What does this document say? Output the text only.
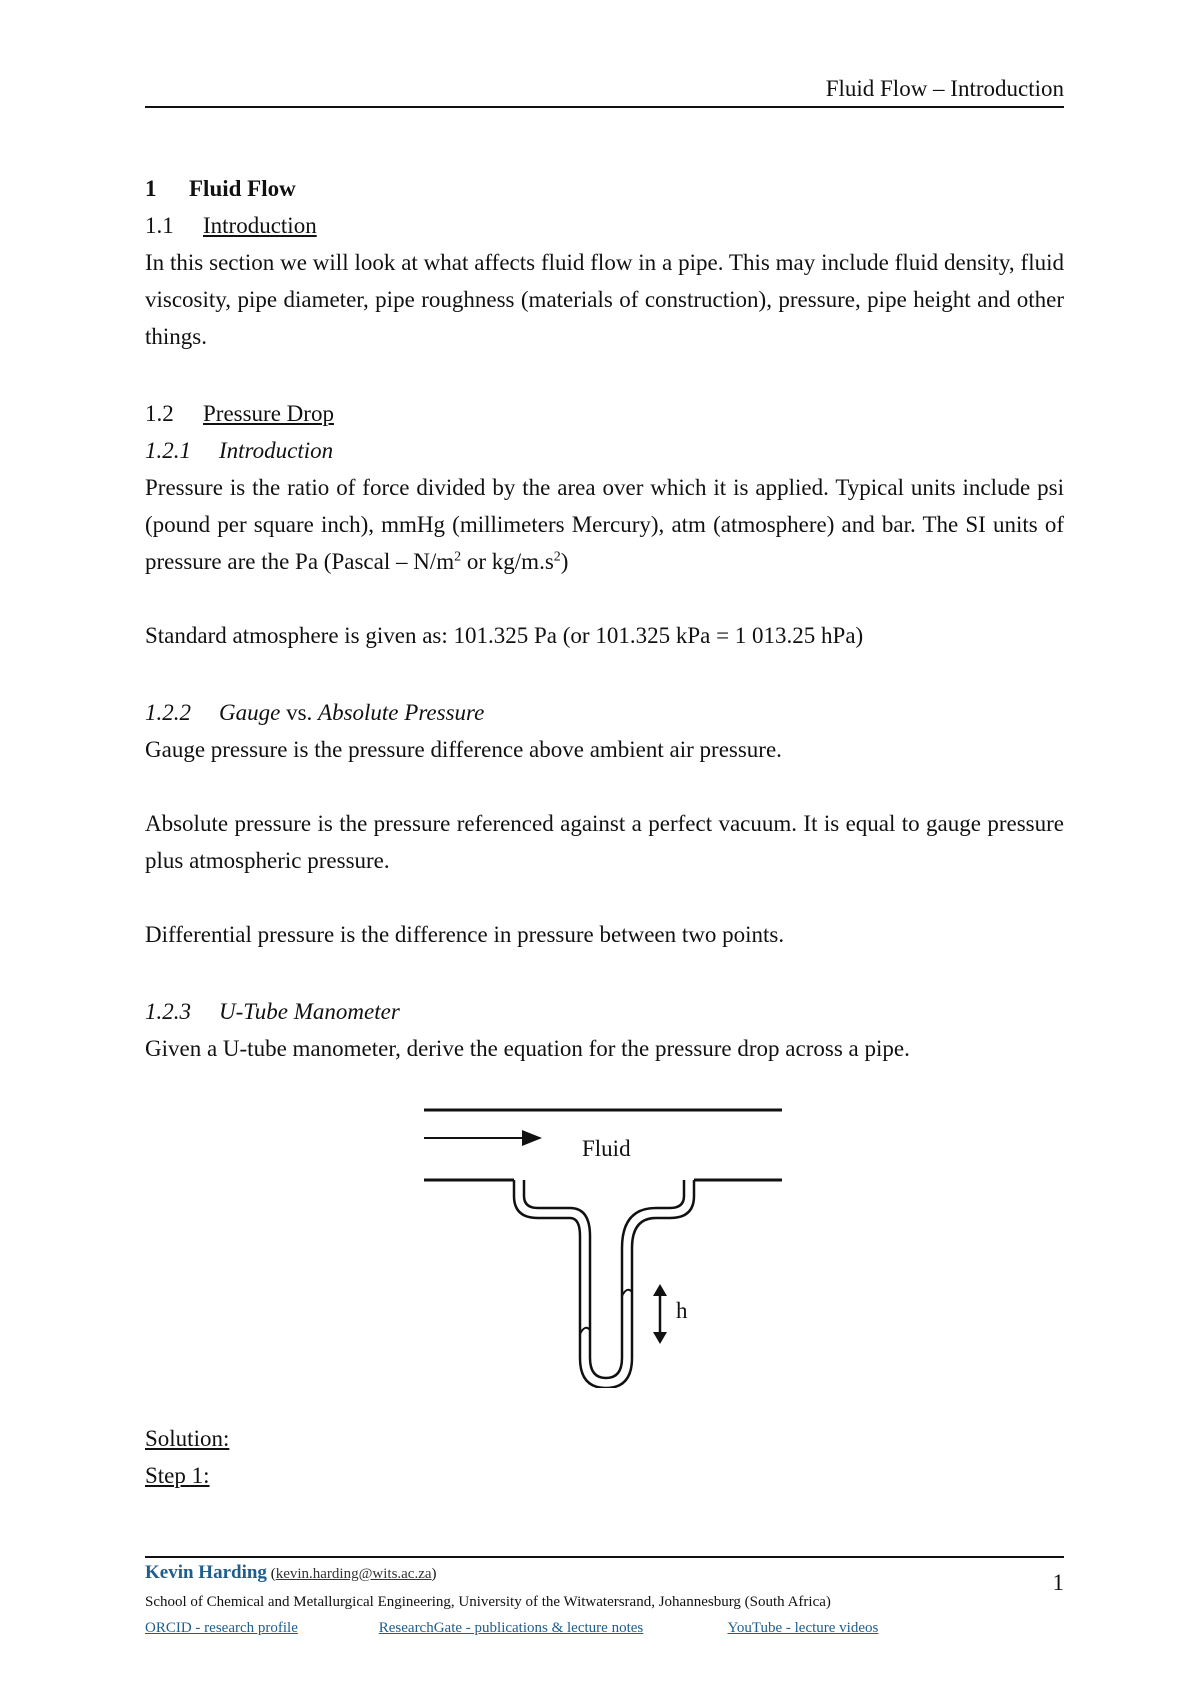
Fluid Flow – Introduction
1 Fluid Flow
1.1 Introduction

In this section we will look at what affects fluid flow in a pipe. This may include fluid density, fluid viscosity, pipe diameter, pipe roughness (materials of construction), pressure, pipe height and other things.

1.2 Pressure Drop
1.2.1 Introduction

Pressure is the ratio of force divided by the area over which it is applied. Typical units include psi (pound per square inch), mmHg (millimeters Mercury), atm (atmosphere) and bar. The SI units of pressure are the Pa (Pascal – $N/m^2$ or $kg/m.s^2$)

Standard atmosphere is given as: 101.325 Pa (or 101.325 kPa = 1 013.25 hPa)

1.2.2 Gauge vs. Absolute Pressure

Gauge pressure is the pressure difference above ambient air pressure.

Absolute pressure is the pressure referenced against a perfect vacuum. It is equal to gauge pressure plus atmospheric pressure.

Differential pressure is the difference in pressure between two points.

1.2.3 U-Tube Manometer

Given a U-tube manometer, derive the equation for the pressure drop across a pipe.

Fluid
h
Solution:
Step 1:
Kevin Harding (kevin.harding@wits.ac.za)
School of Chemical and Metallurgical Engineering, University of the Witwatersrand, Johannesburg (South Africa)
ORCID - research profile	ResearchGate - publications & lecture notes	YouTube - lecture videos
1
